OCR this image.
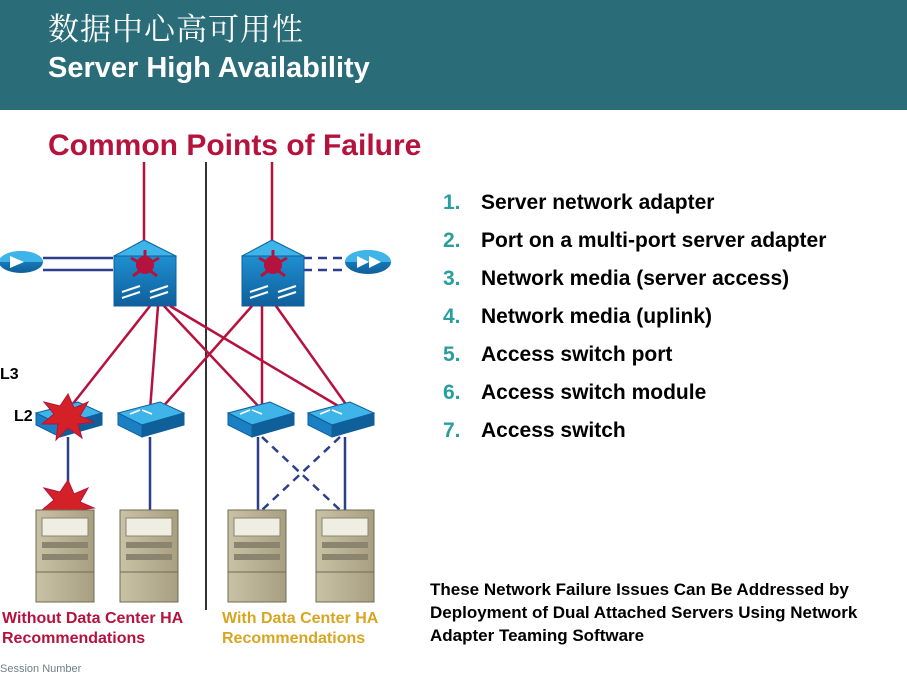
数据中心高可用性
Server High Availability
Common Points of Failure
L3
L2
1. Server network adapter
2. Port on a multi-port server adapter
3. Network media (server access)
4. Network media (uplink)
5. Access switch port
6. Access switch module
7. Access switch
These Network Failure Issues Can Be Addressed by Deployment of Dual Attached Servers Using Network Adapter Teaming Software
Without Data Center HA Recommendations
With Data Center HA Recommendations
Session Number
